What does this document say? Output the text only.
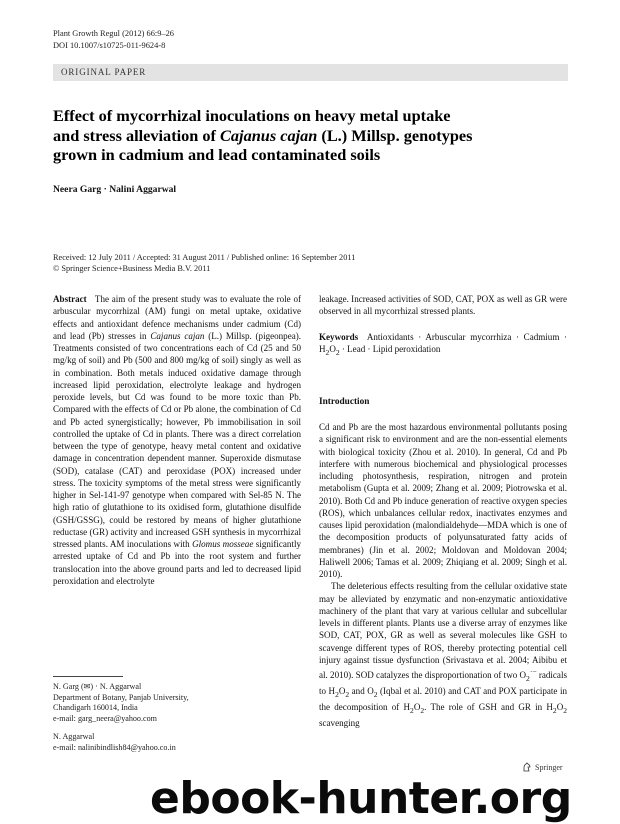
Plant Growth Regul (2012) 66:9–26
DOI 10.1007/s10725-011-9624-8
ORIGINAL PAPER
Effect of mycorrhizal inoculations on heavy metal uptake
and stress alleviation of Cajanus cajan (L.) Millsp. genotypes
grown in cadmium and lead contaminated soils
Neera Garg · Nalini Aggarwal
Received: 12 July 2011 / Accepted: 31 August 2011 / Published online: 16 September 2011
© Springer Science+Business Media B.V. 2011

Abstract The aim of the present study was to evaluate the role of arbuscular mycorrhizal (AM) fungi on metal uptake, oxidative effects and antioxidant defence mechanisms under cadmium (Cd) and lead (Pb) stresses in Cajanus cajan (L.) Millsp. (pigeonpea). Treatments consisted of two concentrations each of Cd (25 and 50 mg/kg of soil) and Pb (500 and 800 mg/kg of soil) singly as well as in combination. Both metals induced oxidative damage through increased lipid peroxidation, electrolyte leakage and hydrogen peroxide levels, but Cd was found to be more toxic than Pb. Compared with the effects of Cd or Pb alone, the combination of Cd and Pb acted synergistically; however, Pb immobilisation in soil controlled the uptake of Cd in plants. There was a direct correlation between the type of genotype, heavy metal content and oxidative damage in concentration dependent manner. Superoxide dismutase (SOD), catalase (CAT) and peroxidase (POX) increased under stress. The toxicity symptoms of the metal stress were significantly higher in Sel-141-97 genotype when compared with Sel-85 N. The high ratio of glutathione to its oxidised form, glutathione disulfide (GSH/GSSG), could be restored by means of higher glutathione reductase (GR) activity and increased GSH synthesis in mycorrhizal stressed plants. AM inoculations with Glomus mosseae significantly arrested uptake of Cd and Pb into the root system and further translocation into the above ground parts and led to decreased lipid peroxidation and electrolyte

leakage. Increased activities of SOD, CAT, POX as well as GR were observed in all mycorrhizal stressed plants.

Keywords Antioxidants · Arbuscular mycorrhiza · Cadmium · $H_2O_2$ · Lead · Lipid peroxidation

Introduction

Cd and Pb are the most hazardous environmental pollutants posing a significant risk to environment and are the non-essential elements with biological toxicity (Zhou et al. 2010). In general, Cd and Pb interfere with numerous biochemical and physiological processes including photosynthesis, respiration, nitrogen and protein metabolism (Gupta et al. 2009; Zhang et al. 2009; Piotrowska et al. 2010). Both Cd and Pb induce generation of reactive oxygen species (ROS), which unbalances cellular redox, inactivates enzymes and causes lipid peroxidation (malondialdehyde—MDA which is one of the decomposition products of polyunsaturated fatty acids of membranes) (Jin et al. 2002; Moldovan and Moldovan 2004; Haliwell 2006; Tamas et al. 2009; Zhiqiang et al. 2009; Singh et al. 2010).

The deleterious effects resulting from the cellular oxidative state may be alleviated by enzymatic and non-enzymatic antioxidative machinery of the plant that vary at various cellular and subcellular levels in different plants. Plants use a diverse array of enzymes like SOD, CAT, POX, GR as well as several molecules like GSH to scavenge different types of ROS, thereby protecting potential cell injury against tissue dysfunction (Srivastava et al. 2004; Aibibu et al. 2010). SOD catalyzes the disproportionation of two $O_2^{\cdot-}$ radicals to $H_2O_2$ and $O_2$ (Iqbal et al. 2010) and CAT and POX participate in the decomposition of $H_2O_2$. The role of GSH and GR in $H_2O_2$ scavenging

N. Garg (✉) · N. Aggarwal
Department of Botany, Panjab University,
Chandigarh 160014, India
e-mail: garg_neera@yahoo.com
N. Aggarwal
e-mail: nalinibindlish84@yahoo.co.in
Springer
ebook-hunter.org
